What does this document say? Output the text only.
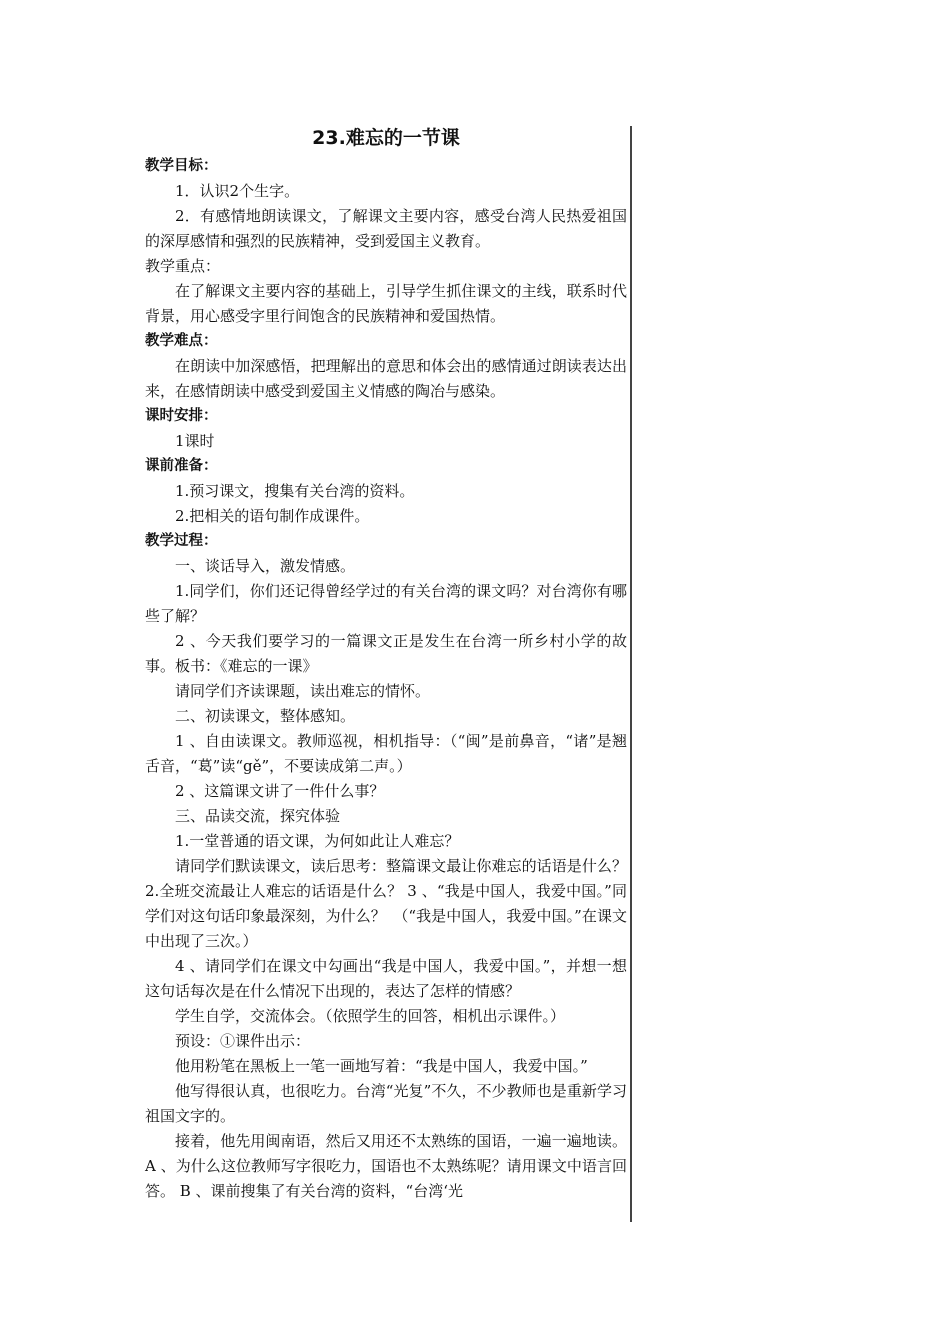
23.难忘的一节课
教学目标：

1．认识2个生字。

2．有感情地朗读课文，了解课文主要内容，感受台湾人民热爱祖国的深厚感情和强烈的民族精神，受到爱国主义教育。

教学重点：

在了解课文主要内容的基础上，引导学生抓住课文的主线，联系时代背景，用心感受字里行间饱含的民族精神和爱国热情。

教学难点：

在朗读中加深感悟，把理解出的意思和体会出的感情通过朗读表达出来，在感情朗读中感受到爱国主义情感的陶冶与感染。

课时安排：

1课时

课前准备：

1.预习课文，搜集有关台湾的资料。

2.把相关的语句制作成课件。

教学过程：

一、谈话导入，激发情感。

1.同学们，你们还记得曾经学过的有关台湾的课文吗？对台湾你有哪些了解？

2 、今天我们要学习的一篇课文正是发生在台湾一所乡村小学的故事。板书：《难忘的一课》

请同学们齐读课题，读出难忘的情怀。

二、初读课文，整体感知。

1 、自由读课文。教师巡视，相机指导：（“闽”是前鼻音，“诸”是翘舌音，“葛”读“gě”，不要读成第二声。）

2 、这篇课文讲了一件什么事？

三、品读交流，探究体验

1.一堂普通的语文课，为何如此让人难忘？

请同学们默读课文，读后思考：整篇课文最让你难忘的话语是什么？ 2.全班交流最让人难忘的话语是什么？ 3 、“我是中国人，我爱中国。”同学们对这句话印象最深刻，为什么？　（“我是中国人，我爱中国。”在课文中出现了三次。）

4 、请同学们在课文中勾画出“我是中国人，我爱中国。”，并想一想这句话每次是在什么情况下出现的，表达了怎样的情感？

学生自学，交流体会。（依照学生的回答，相机出示课件。）

预设：①课件出示：

他用粉笔在黑板上一笔一画地写着：“我是中国人，我爱中国。”

他写得很认真，也很吃力。台湾“光复”不久，不少教师也是重新学习祖国文字的。

接着，他先用闽南语，然后又用还不太熟练的国语，一遍一遍地读。A 、为什么这位教师写字很吃力，国语也不太熟练呢？请用课文中语言回答。 B 、课前搜集了有关台湾的资料，“台湾‘光
